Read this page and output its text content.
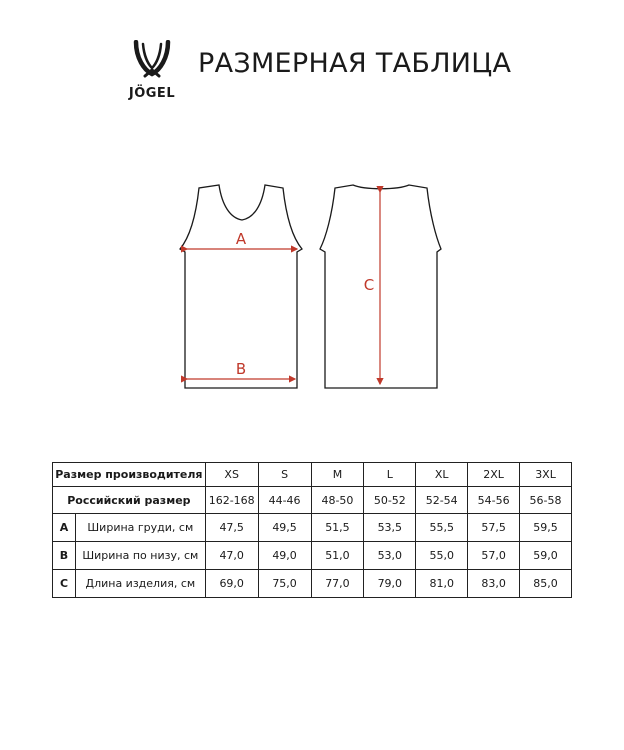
JÖGEL
РАЗМЕРНАЯ ТАБЛИЦА
A
B
C
Размер производителя		XS	S	M	L	XL	2XL	3XL
Российский размер		162-168	44-46	48-50	50-52	52-54	54-56	56-58
A	Ширина груди, см	47,5	49,5	51,5	53,5	55,5	57,5	59,5
B	Ширина по низу, см	47,0	49,0	51,0	53,0	55,0	57,0	59,0
C	Длина изделия, см	69,0	75,0	77,0	79,0	81,0	83,0	85,0
